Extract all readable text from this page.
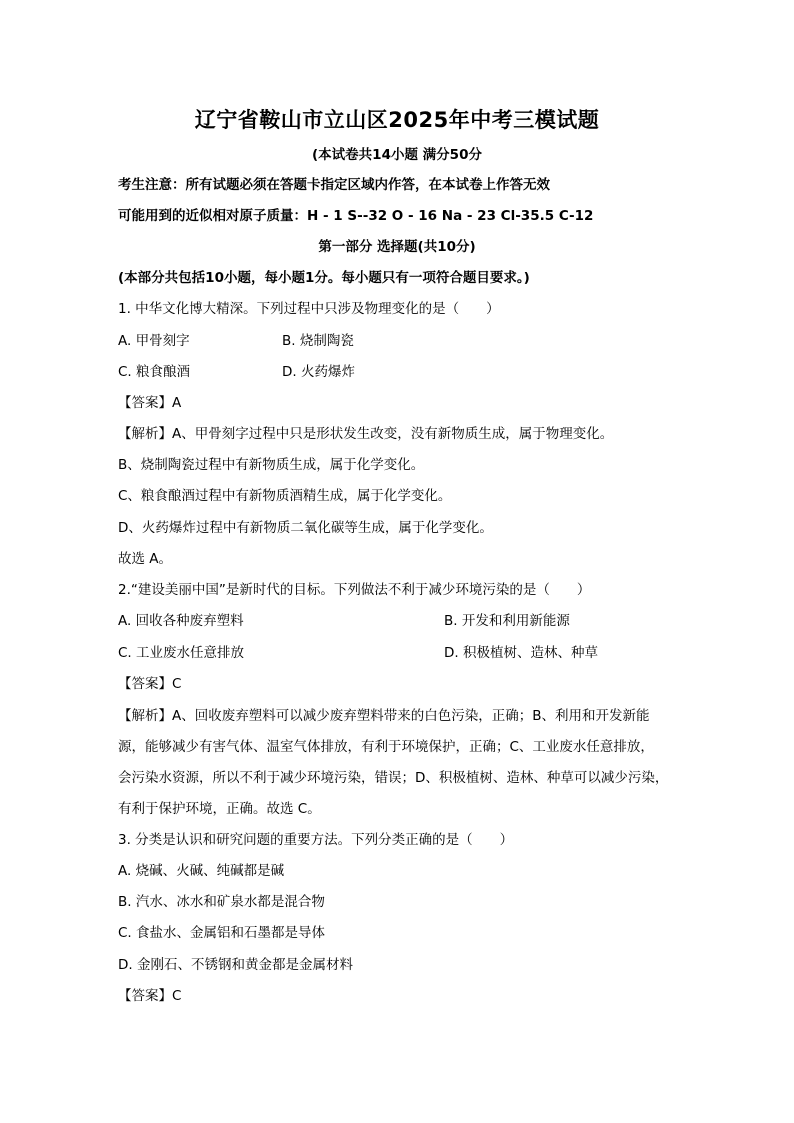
辽宁省鞍山市立山区2025年中考三模试题
(本试卷共14小题 满分50分
考生注意：所有试题必须在答题卡指定区域内作答，在本试卷上作答无效
可能用到的近似相对原子质量：H - 1 S--32 O - 16 Na - 23 Cl-35.5 C-12
第一部分 选择题(共10分)
(本部分共包括10小题，每小题1分。每小题只有一项符合题目要求。)
1. 中华文化博大精深。下列过程中只涉及物理变化的是（　　）
A. 甲骨刻字	B. 烧制陶瓷
C. 粮食酿酒	D. 火药爆炸
【答案】A
【解析】A、甲骨刻字过程中只是形状发生改变，没有新物质生成，属于物理变化。
B、烧制陶瓷过程中有新物质生成，属于化学变化。
C、粮食酿酒过程中有新物质酒精生成，属于化学变化。
D、火药爆炸过程中有新物质二氧化碳等生成，属于化学变化。
故选 A。
2.“建设美丽中国”是新时代的目标。下列做法不利于减少环境污染的是（　　）
A. 回收各种废弃塑料	B. 开发和利用新能源
C. 工业废水任意排放	D. 积极植树、造林、种草
【答案】C
【解析】A、回收废弃塑料可以减少废弃塑料带来的白色污染，正确；B、利用和开发新能
源，能够减少有害气体、温室气体排放，有利于环境保护，正确；C、工业废水任意排放，
会污染水资源，所以不利于减少环境污染，错误；D、积极植树、造林、种草可以减少污染，
有利于保护环境，正确。故选 C。
3. 分类是认识和研究问题的重要方法。下列分类正确的是（　　）
A. 烧碱、火碱、纯碱都是碱
B. 汽水、冰水和矿泉水都是混合物
C. 食盐水、金属铝和石墨都是导体
D. 金刚石、不锈钢和黄金都是金属材料
【答案】C
